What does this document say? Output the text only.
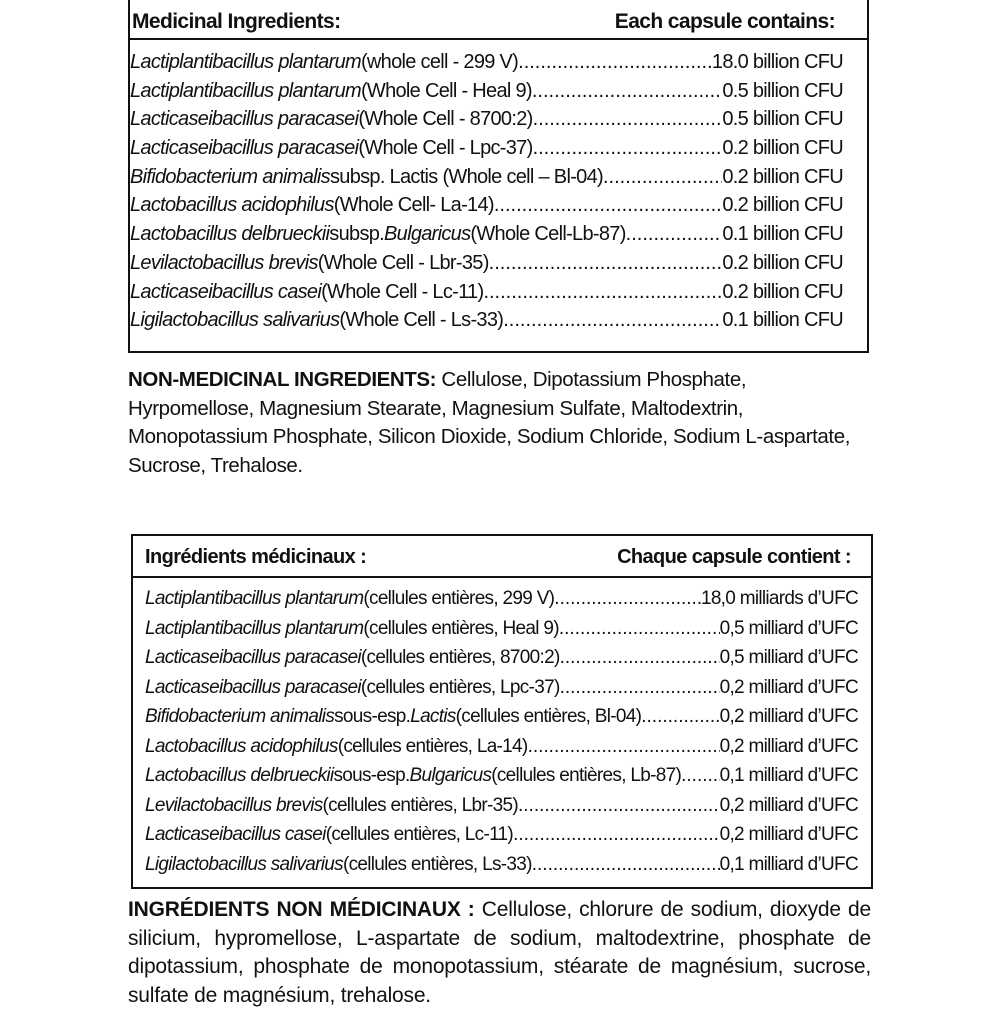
Medicinal Ingredients:	Each capsule contains:
Lactiplantibacillus plantarum (whole cell - 299 V) .....	18.0 billion CFU
Lactiplantibacillus plantarum (Whole Cell - Heal 9) .....	0.5 billion CFU
Lacticaseibacillus paracasei (Whole Cell - 8700:2) .....	0.5 billion CFU
Lacticaseibacillus paracasei (Whole Cell - Lpc-37) .....	0.2 billion CFU
Bifidobacterium animalis subsp. Lactis (Whole cell – Bl-04) .....	0.2 billion CFU
Lactobacillus acidophilus (Whole Cell- La-14) .....	0.2 billion CFU
Lactobacillus delbrueckii subsp. Bulgaricus (Whole Cell-Lb-87) .....	0.1 billion CFU
Levilactobacillus brevis (Whole Cell - Lbr-35) .....	0.2 billion CFU
Lacticaseibacillus casei (Whole Cell - Lc-11) .....	0.2 billion CFU
Ligilactobacillus salivarius (Whole Cell - Ls-33) .....	0.1 billion CFU

NON-MEDICINAL INGREDIENTS: Cellulose, Dipotassium Phosphate, Hyrpomellose, Magnesium Stearate, Magnesium Sulfate, Maltodextrin, Monopotassium Phosphate, Silicon Dioxide, Sodium Chloride, Sodium L-aspartate, Sucrose, Trehalose.

Ingrédients médicinaux :	Chaque capsule contient :
Lactiplantibacillus plantarum (cellules entières, 299 V) .....	18,0 milliards d’UFC
Lactiplantibacillus plantarum (cellules entières, Heal 9) .....	0,5 milliard d’UFC
Lacticaseibacillus paracasei (cellules entières, 8700:2) .....	0,5 milliard d’UFC
Lacticaseibacillus paracasei (cellules entières, Lpc-37) .....	0,2 milliard d’UFC
Bifidobacterium animalis sous-esp. Lactis (cellules entières, Bl-04) .....	0,2 milliard d’UFC
Lactobacillus acidophilus (cellules entières, La-14) .....	0,2 milliard d’UFC
Lactobacillus delbrueckii sous-esp. Bulgaricus (cellules entières, Lb-87) ..... 0,1 milliard d’UFC
Levilactobacillus brevis (cellules entières, Lbr-35) .....	0,2 milliard d’UFC
Lacticaseibacillus casei (cellules entières, Lc-11) .....	0,2 milliard d’UFC
Ligilactobacillus salivarius (cellules entières, Ls-33) .....	0,1 milliard d’UFC

INGRÉDIENTS NON MÉDICINAUX : Cellulose, chlorure de sodium, dioxyde de silicium, hypromellose, L-aspartate de sodium, maltodextrine, phosphate de dipotassium, phosphate de monopotassium, stéarate de magnésium, sucrose, sulfate de magnésium, trehalose.
